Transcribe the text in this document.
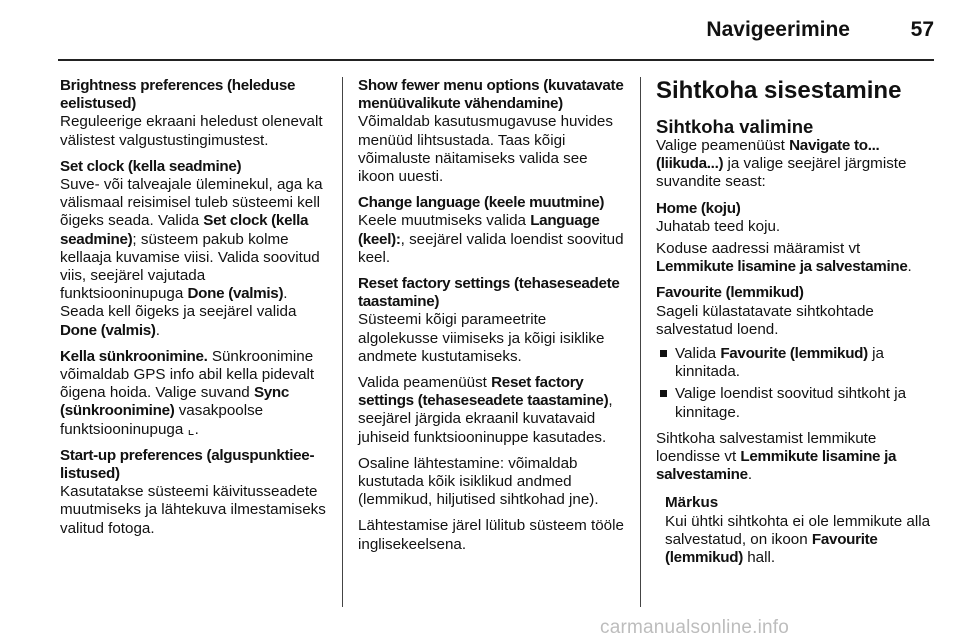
Navigeerimine	57
Brightness preferences (heleduse eelistused)
Reguleerige ekraani heledust olenevalt välistest valgustustingimustest.
Set clock (kella seadmine)
Suve- või talveajale üleminekul, aga ka välismaal reisimisel tuleb süsteemi kell õigeks seada. Valida Set clock (kella seadmine); süsteem pakub kolme kellaaja kuvamise viisi. Valida soovitud viis, seejärel vajutada funktsiooninupuga Done (valmis). Seada kell õigeks ja seejärel valida Done (valmis).
Kella sünkroonimine. Sünkroonimine võimaldab GPS info abil kella pidevalt õigena hoida. Valige suvand Sync (sünkroonimine) vasakpoolse funktsiooninupuga ⌞.
Start-up preferences (alguspunktiee-listused)
Kasutatakse süsteemi käivitusseadete muutmiseks ja lähtekuva ilmestamiseks valitud fotoga.
Show fewer menu options (kuvatavate menüüvalikute vähendamine)
Võimaldab kasutusmugavuse huvides menüüd lihtsustada. Taas kõigi võimaluste näitamiseks valida see ikoon uuesti.
Change language (keele muutmine)
Keele muutmiseks valida Language (keel):, seejärel valida loendist soovitud keel.
Reset factory settings (tehaseseadete taastamine)
Süsteemi kõigi parameetrite algolekusse viimiseks ja kõigi isiklike andmete kustutamiseks.

Valida peamenüüst Reset factory settings (tehaseseadete taastamine), seejärel järgida ekraanil kuvatavaid juhiseid funktsiooninuppe kasutades.

Osaline lähtestamine: võimaldab kustutada kõik isiklikud andmed (lemmikud, hiljutised sihtkohad jne).

Lähtestamise järel lülitub süsteem tööle inglisekeelsena.

Sihtkoha sisestamine
Sihtkoha valimine

Valige peamenüüst Navigate to... (liikuda...) ja valige seejärel järgmiste suvandite seast:

Home (koju)
Juhatab teed koju.

Koduse aadressi määramist vt Lemmikute lisamine ja salvestamine.

Favourite (lemmikud)
Sageli külastatavate sihtkohtade salvestatud loend.
Valida Favourite (lemmikud) ja kinnitada.
Valige loendist soovitud sihtkoht ja kinnitage.

Sihtkoha salvestamist lemmikute loendisse vt Lemmikute lisamine ja salvestamine.

Märkus
Kui ühtki sihtkohta ei ole lemmikute alla salvestatud, on ikoon Favourite (lemmikud) hall.
carmanualsonline.info
